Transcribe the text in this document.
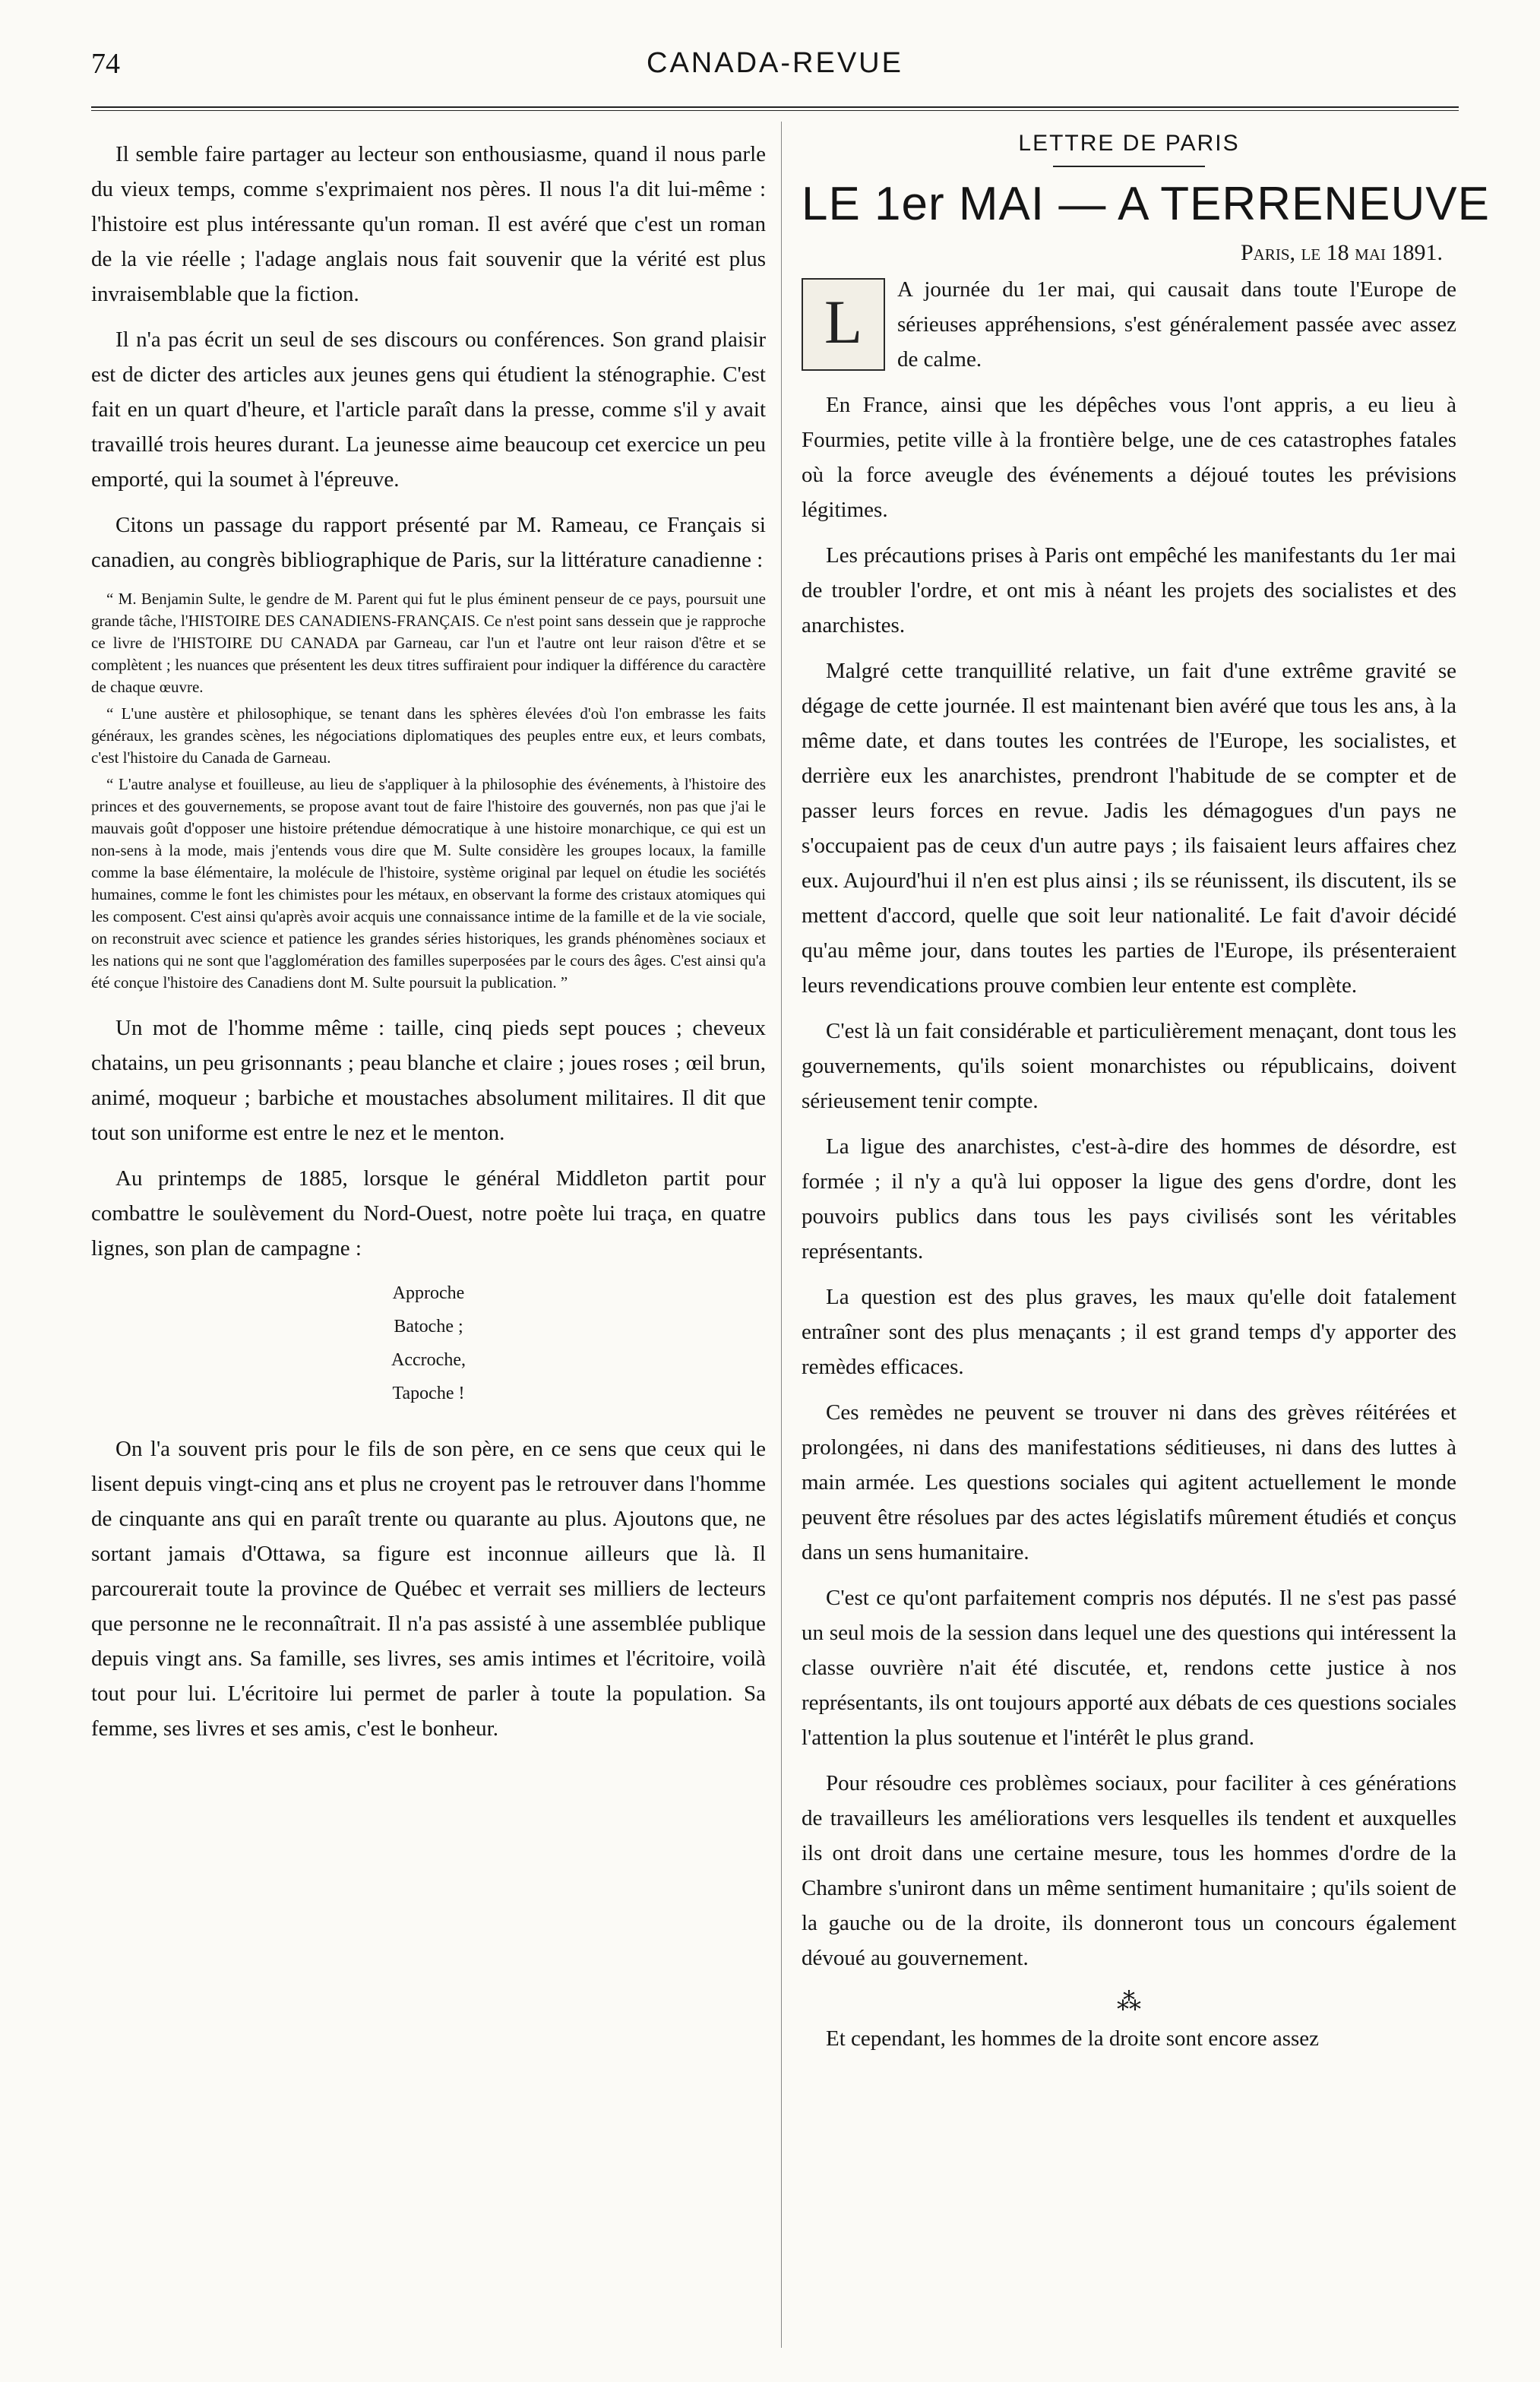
74	CANADA-REVUE

Il semble faire partager au lecteur son enthousiasme, quand il nous parle du vieux temps, comme s'exprimaient nos pères. Il nous l'a dit lui-même : l'histoire est plus intéressante qu'un roman. Il est avéré que c'est un roman de la vie réelle ; l'adage anglais nous fait souvenir que la vérité est plus invraisemblable que la fiction.

Il n'a pas écrit un seul de ses discours ou conférences. Son grand plaisir est de dicter des articles aux jeunes gens qui étudient la sténographie. C'est fait en un quart d'heure, et l'article paraît dans la presse, comme s'il y avait travaillé trois heures durant. La jeunesse aime beaucoup cet exercice un peu emporté, qui la soumet à l'épreuve.

Citons un passage du rapport présenté par M. Rameau, ce Français si canadien, au congrès bibliographique de Paris, sur la littérature canadienne :

“ M. Benjamin Sulte, le gendre de M. Parent qui fut le plus éminent penseur de ce pays, poursuit une grande tâche, l'HISTOIRE DES CANADIENS-FRANÇAIS. Ce n'est point sans dessein que je rapproche ce livre de l'HISTOIRE DU CANADA par Garneau, car l'un et l'autre ont leur raison d'être et se complètent ; les nuances que présentent les deux titres suffiraient pour indiquer la différence du caractère de chaque œuvre.

“ L'une austère et philosophique, se tenant dans les sphères élevées d'où l'on embrasse les faits généraux, les grandes scènes, les négociations diplomatiques des peuples entre eux, et leurs combats, c'est l'histoire du Canada de Garneau.

“ L'autre analyse et fouilleuse, au lieu de s'appliquer à la philosophie des événements, à l'histoire des princes et des gouvernements, se propose avant tout de faire l'histoire des gouvernés, non pas que j'ai le mauvais goût d'opposer une histoire prétendue démocratique à une histoire monarchique, ce qui est un non-sens à la mode, mais j'entends vous dire que M. Sulte considère les groupes locaux, la famille comme la base élémentaire, la molécule de l'histoire, système original par lequel on étudie les sociétés humaines, comme le font les chimistes pour les métaux, en observant la forme des cristaux atomiques qui les composent. C'est ainsi qu'après avoir acquis une connaissance intime de la famille et de la vie sociale, on reconstruit avec science et patience les grandes séries historiques, les grands phénomènes sociaux et les nations qui ne sont que l'agglomération des familles superposées par le cours des âges. C'est ainsi qu'a été conçue l'histoire des Canadiens dont M. Sulte poursuit la publication. ”

Un mot de l'homme même : taille, cinq pieds sept pouces ; cheveux chatains, un peu grisonnants ; peau blanche et claire ; joues roses ; œil brun, animé, moqueur ; barbiche et moustaches absolument militaires. Il dit que tout son uniforme est entre le nez et le menton.

Au printemps de 1885, lorsque le général Middleton partit pour combattre le soulèvement du Nord-Ouest, notre poète lui traça, en quatre lignes, son plan de campagne :

Approche
Batoche ;
Accroche,
Tapoche !

On l'a souvent pris pour le fils de son père, en ce sens que ceux qui le lisent depuis vingt-cinq ans et plus ne croyent pas le retrouver dans l'homme de cinquante ans qui en paraît trente ou quarante au plus. Ajoutons que, ne sortant jamais d'Ottawa, sa figure est inconnue ailleurs que là. Il parcourerait toute la province de Québec et verrait ses milliers de lecteurs que personne ne le reconnaîtrait. Il n'a pas assisté à une assemblée publique depuis vingt ans. Sa famille, ses livres, ses amis intimes et l'écritoire, voilà tout pour lui. L'écritoire lui permet de parler à toute la population. Sa femme, ses livres et ses amis, c'est le bonheur.

LETTRE DE PARIS
LE 1er MAI — A TERRENEUVE
Paris, le 18 mai 1891.
L	A journée du 1er mai, qui causait dans toute l'Europe de sérieuses appréhensions, s'est généralement passée avec assez de calme.

En France, ainsi que les dépêches vous l'ont appris, a eu lieu à Fourmies, petite ville à la frontière belge, une de ces catastrophes fatales où la force aveugle des événements a déjoué toutes les prévisions légitimes.

Les précautions prises à Paris ont empêché les manifestants du 1er mai de troubler l'ordre, et ont mis à néant les projets des socialistes et des anarchistes.

Malgré cette tranquillité relative, un fait d'une extrême gravité se dégage de cette journée. Il est maintenant bien avéré que tous les ans, à la même date, et dans toutes les contrées de l'Europe, les socialistes, et derrière eux les anarchistes, prendront l'habitude de se compter et de passer leurs forces en revue. Jadis les démagogues d'un pays ne s'occupaient pas de ceux d'un autre pays ; ils faisaient leurs affaires chez eux. Aujourd'hui il n'en est plus ainsi ; ils se réunissent, ils discutent, ils se mettent d'accord, quelle que soit leur nationalité. Le fait d'avoir décidé qu'au même jour, dans toutes les parties de l'Europe, ils présenteraient leurs revendications prouve combien leur entente est complète.

C'est là un fait considérable et particulièrement menaçant, dont tous les gouvernements, qu'ils soient monarchistes ou républicains, doivent sérieusement tenir compte.

La ligue des anarchistes, c'est-à-dire des hommes de désordre, est formée ; il n'y a qu'à lui opposer la ligue des gens d'ordre, dont les pouvoirs publics dans tous les pays civilisés sont les véritables représentants.

La question est des plus graves, les maux qu'elle doit fatalement entraîner sont des plus menaçants ; il est grand temps d'y apporter des remèdes efficaces.

Ces remèdes ne peuvent se trouver ni dans des grèves réitérées et prolongées, ni dans des manifestations séditieuses, ni dans des luttes à main armée. Les questions sociales qui agitent actuellement le monde peuvent être résolues par des actes législatifs mûrement étudiés et conçus dans un sens humanitaire.

C'est ce qu'ont parfaitement compris nos députés. Il ne s'est pas passé un seul mois de la session dans lequel une des questions qui intéressent la classe ouvrière n'ait été discutée, et, rendons cette justice à nos représentants, ils ont toujours apporté aux débats de ces questions sociales l'attention la plus soutenue et l'intérêt le plus grand.

Pour résoudre ces problèmes sociaux, pour faciliter à ces générations de travailleurs les améliorations vers lesquelles ils tendent et auxquelles ils ont droit dans une certaine mesure, tous les hommes d'ordre de la Chambre s'uniront dans un même sentiment humanitaire ; qu'ils soient de la gauche ou de la droite, ils donneront tous un concours également dévoué au gouvernement.

⁂

Et cependant, les hommes de la droite sont encore assez
